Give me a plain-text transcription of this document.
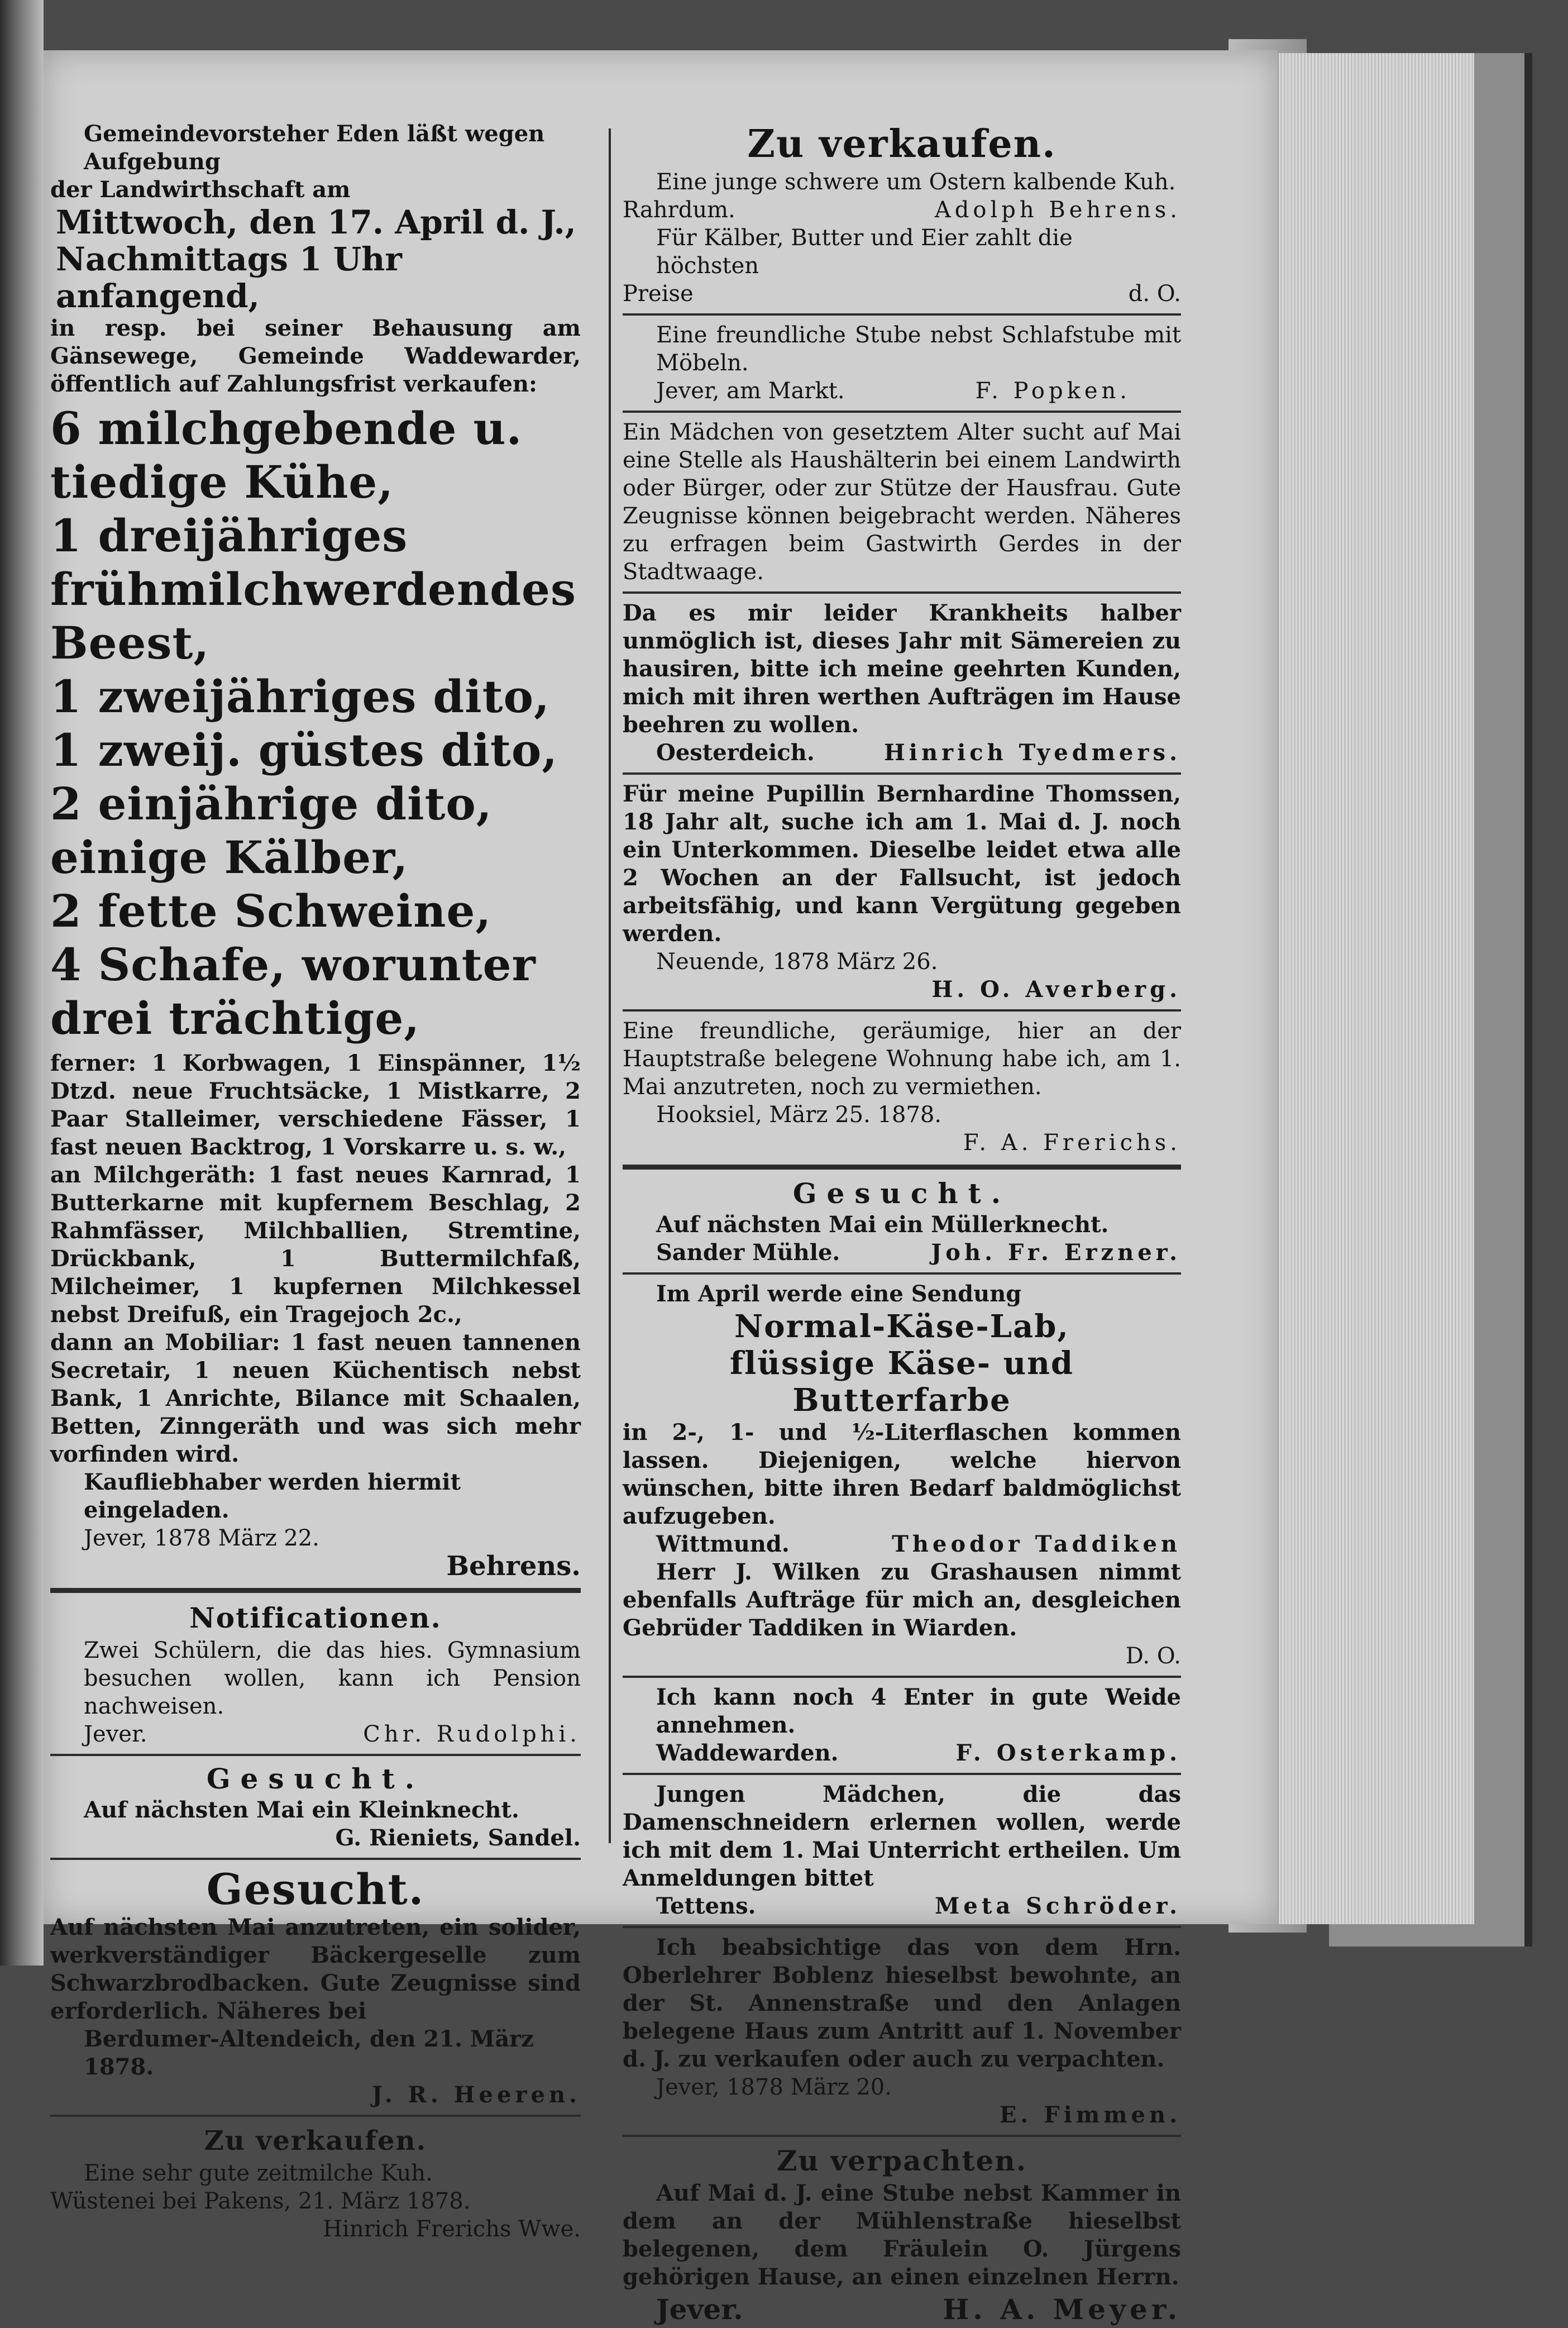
Gemeindevorsteher Eden läßt wegen Aufgebung

der Landwirthschaft am

Mittwoch, den 17. April d. J.,

Nachmittags 1 Uhr anfangend,

in resp. bei seiner Behausung am Gänsewege, Gemeinde Waddewarder, öffentlich auf Zahlungsfrist verkaufen:

6 milchgebende u. tiedige Kühe,

1 dreijähriges frühmilchwerdendes Beest,

1 zweijähriges dito,

1 zweij. güstes dito,

2 einjährige dito,

einige Kälber,

2 fette Schweine,

4 Schafe, worunter drei trächtige,

ferner: 1 Korbwagen, 1 Einspänner, 1½ Dtzd. neue Fruchtsäcke, 1 Mistkarre, 2 Paar Stalleimer, verschiedene Fässer, 1 fast neuen Backtrog, 1 Vorskarre u. s. w.,

an Milchgeräth: 1 fast neues Karnrad, 1 Butterkarne mit kupfernem Beschlag, 2 Rahmfässer, Milchballien, Stremtine, Drückbank, 1 Buttermilchfaß, Milcheimer, 1 kupfernen Milchkessel nebst Dreifuß, ein Tragejoch 2c.,

dann an Mobiliar: 1 fast neuen tannenen Secretair, 1 neuen Küchentisch nebst Bank, 1 Anrichte, Bilance mit Schaalen, Betten, Zinngeräth und was sich mehr vorfinden wird.

Kaufliebhaber werden hiermit eingeladen.

Jever, 1878 März 22.

Behrens.

Notificationen.

Zwei Schülern, die das hies. Gymnasium besuchen wollen, kann ich Pension nachweisen.

Jever.	Chr. Rudolphi.

Gesucht.

Auf nächsten Mai ein Kleinknecht.

G. Rieniets, Sandel.

Gesucht.

Auf nächsten Mai anzutreten, ein solider, werkverständiger Bäckergeselle zum Schwarzbrodbacken. Gute Zeugnisse sind erforderlich. Näheres bei

Berdumer-Altendeich, den 21. März 1878.

J. R. Heeren.

Zu verkaufen.

Eine sehr gute zeitmilche Kuh.

Wüstenei bei Pakens, 21. März 1878.

Hinrich Frerichs Wwe.

Zu verkaufen.

Eine junge schwere um Ostern kalbende Kuh.

Rahrdum.	Adolph Behrens.

Für Kälber, Butter und Eier zahlt die höchsten

Preise	d. O.

Eine freundliche Stube nebst Schlafstube mit Möbeln.

Jever, am Markt.	F. Popken.

Ein Mädchen von gesetztem Alter sucht auf Mai eine Stelle als Haushälterin bei einem Landwirth oder Bürger, oder zur Stütze der Hausfrau. Gute Zeugnisse können beigebracht werden. Näheres zu erfragen beim Gastwirth Gerdes in der Stadtwaage.

Da es mir leider Krankheits halber unmöglich ist, dieses Jahr mit Sämereien zu hausiren, bitte ich meine geehrten Kunden, mich mit ihren werthen Aufträgen im Hause beehren zu wollen.

Oesterdeich.	Hinrich Tyedmers.

Für meine Pupillin Bernhardine Thomssen, 18 Jahr alt, suche ich am 1. Mai d. J. noch ein Unterkommen. Dieselbe leidet etwa alle 2 Wochen an der Fallsucht, ist jedoch arbeitsfähig, und kann Vergütung gegeben werden.

Neuende, 1878 März 26.

H. O. Averberg.

Eine freundliche, geräumige, hier an der Hauptstraße belegene Wohnung habe ich, am 1. Mai anzutreten, noch zu vermiethen.

Hooksiel, März 25. 1878.

F. A. Frerichs.

Gesucht.

Auf nächsten Mai ein Müllerknecht.

Sander Mühle.	Joh. Fr. Erzner.

Im April werde eine Sendung

Normal-Käse-Lab,

flüssige Käse- und Butterfarbe

in 2-, 1- und ½-Literflaschen kommen lassen. Diejenigen, welche hiervon wünschen, bitte ihren Bedarf baldmöglichst aufzugeben.

Wittmund.	Theodor Taddiken

Herr J. Wilken zu Grashausen nimmt ebenfalls Aufträge für mich an, desgleichen Gebrüder Taddiken in Wiarden.

D. O.

Ich kann noch 4 Enter in gute Weide annehmen.

Waddewarden.	F. Osterkamp.

Jungen Mädchen, die das Damenschneidern erlernen wollen, werde ich mit dem 1. Mai Unterricht ertheilen. Um Anmeldungen bittet

Tettens.	Meta Schröder.

Ich beabsichtige das von dem Hrn. Oberlehrer Boblenz hieselbst bewohnte, an der St. Annenstraße und den Anlagen belegene Haus zum Antritt auf 1. November d. J. zu verkaufen oder auch zu verpachten.

Jever, 1878 März 20.

E. Fimmen.

Zu verpachten.

Auf Mai d. J. eine Stube nebst Kammer in dem an der Mühlenstraße hieselbst belegenen, dem Fräulein O. Jürgens gehörigen Hause, an einen einzelnen Herrn.

Jever.	H. A. Meyer.
